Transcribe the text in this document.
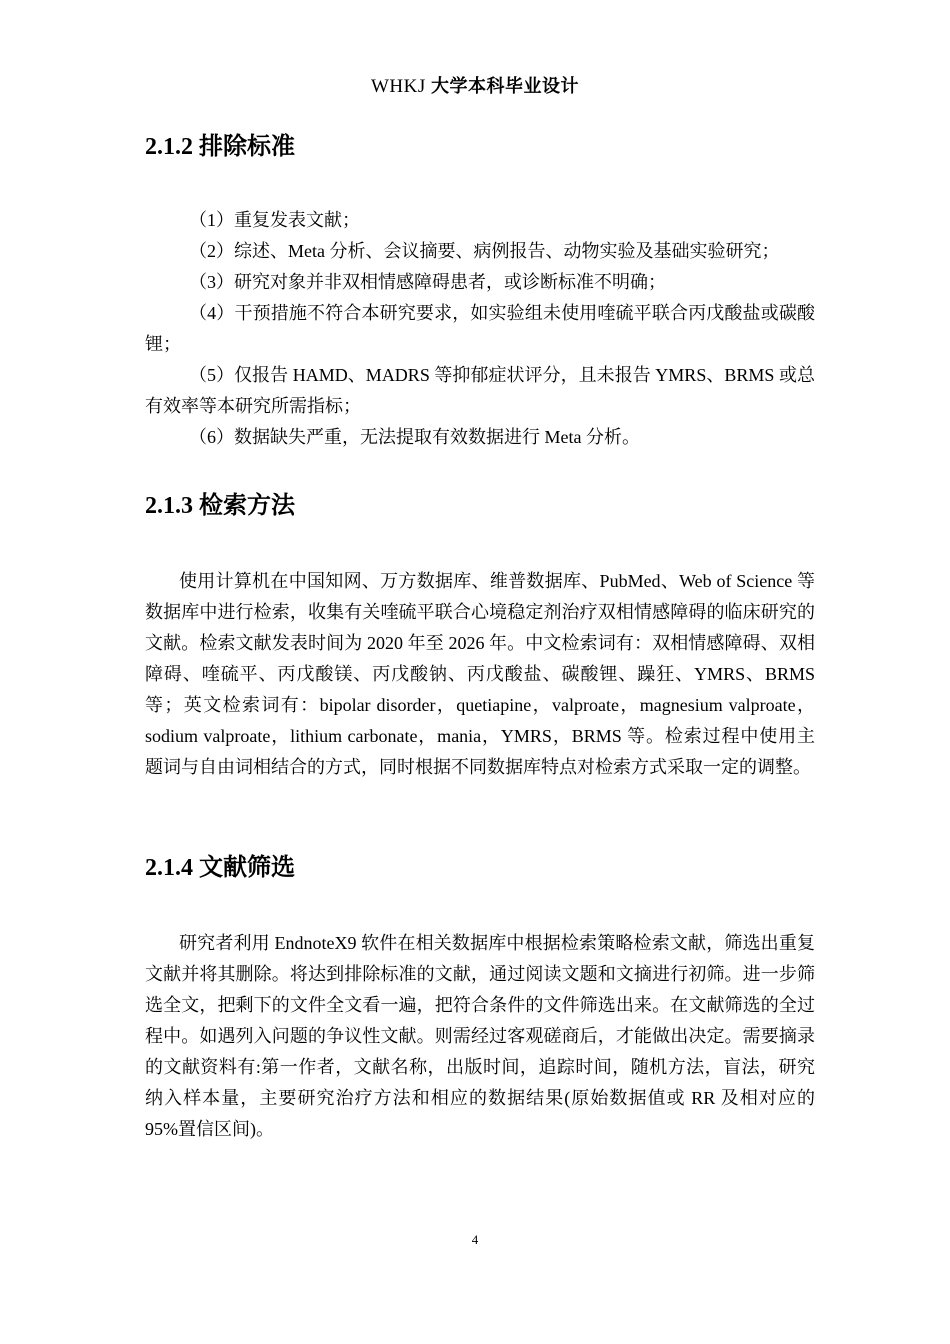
WHKJ 大学本科毕业设计
2.1.2 排除标准

（1）重复发表文献；

（2）综述、Meta 分析、会议摘要、病例报告、动物实验及基础实验研究；

（3）研究对象并非双相情感障碍患者，或诊断标准不明确；

（4）干预措施不符合本研究要求，如实验组未使用喹硫平联合丙戊酸盐或碳酸锂；

（5）仅报告 HAMD、MADRS 等抑郁症状评分，且未报告 YMRS、BRMS 或总有效率等本研究所需指标；

（6）数据缺失严重，无法提取有效数据进行 Meta 分析。

2.1.3 检索方法

使用计算机在中国知网、万方数据库、维普数据库、PubMed、Web of Science 等数据库中进行检索，收集有关喹硫平联合心境稳定剂治疗双相情感障碍的临床研究的文献。检索文献发表时间为 2020 年至 2026 年。中文检索词有：双相情感障碍、双相障碍、喹硫平、丙戊酸镁、丙戊酸钠、丙戊酸盐、碳酸锂、躁狂、YMRS、BRMS 等；英文检索词有：bipolar disorder，quetiapine，valproate，magnesium valproate，sodium valproate，lithium carbonate，mania，YMRS，BRMS 等。检索过程中使用主题词与自由词相结合的方式，同时根据不同数据库特点对检索方式采取一定的调整。

2.1.4 文献筛选

研究者利用 EndnoteX9 软件在相关数据库中根据检索策略检索文献，筛选出重复文献并将其删除。将达到排除标准的文献，通过阅读文题和文摘进行初筛。进一步筛选全文，把剩下的文件全文看一遍，把符合条件的文件筛选出来。在文献筛选的全过程中。如遇列入问题的争议性文献。则需经过客观磋商后，才能做出决定。需要摘录的文献资料有:第一作者，文献名称，出版时间，追踪时间，随机方法，盲法，研究纳入样本量，主要研究治疗方法和相应的数据结果(原始数据值或 RR 及相对应的 95%置信区间)。

4
